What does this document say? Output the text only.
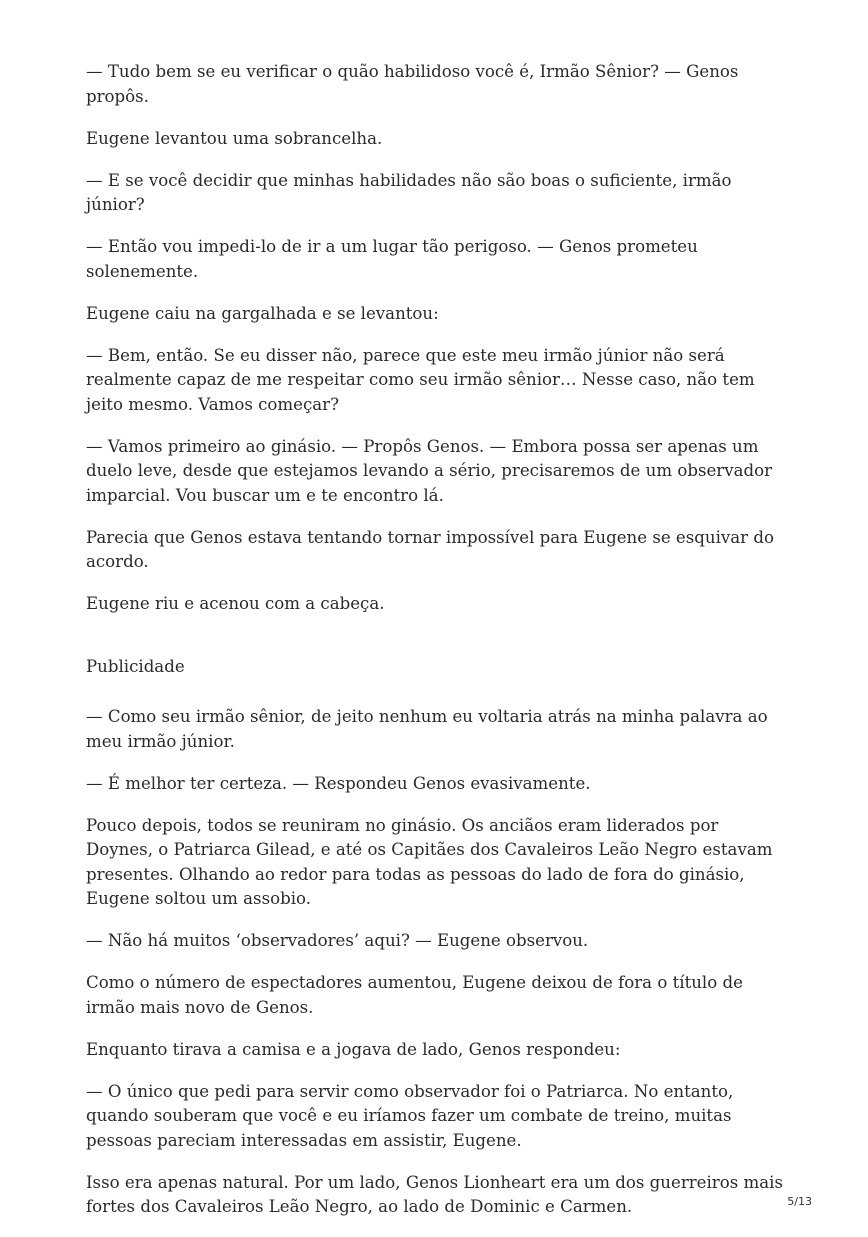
— Tudo bem se eu verificar o quão habilidoso você é, Irmão Sênior? — Genos propôs.

Eugene levantou uma sobrancelha.

— E se você decidir que minhas habilidades não são boas o suficiente, irmão júnior?

— Então vou impedi-lo de ir a um lugar tão perigoso. — Genos prometeu solenemente.

Eugene caiu na gargalhada e se levantou:

— Bem, então. Se eu disser não, parece que este meu irmão júnior não será realmente capaz de me respeitar como seu irmão sênior… Nesse caso, não tem jeito mesmo. Vamos começar?

— Vamos primeiro ao ginásio. — Propôs Genos. — Embora possa ser apenas um duelo leve, desde que estejamos levando a sério, precisaremos de um observador imparcial. Vou buscar um e te encontro lá.

Parecia que Genos estava tentando tornar impossível para Eugene se esquivar do acordo.

Eugene riu e acenou com a cabeça.

Publicidade

— Como seu irmão sênior, de jeito nenhum eu voltaria atrás na minha palavra ao meu irmão júnior.

— É melhor ter certeza. — Respondeu Genos evasivamente.

Pouco depois, todos se reuniram no ginásio. Os anciãos eram liderados por Doynes, o Patriarca Gilead, e até os Capitães dos Cavaleiros Leão Negro estavam presentes. Olhando ao redor para todas as pessoas do lado de fora do ginásio, Eugene soltou um assobio.

— Não há muitos ‘observadores’ aqui? — Eugene observou.

Como o número de espectadores aumentou, Eugene deixou de fora o título de irmão mais novo de Genos.

Enquanto tirava a camisa e a jogava de lado, Genos respondeu:

— O único que pedi para servir como observador foi o Patriarca. No entanto, quando souberam que você e eu iríamos fazer um combate de treino, muitas pessoas pareciam interessadas em assistir, Eugene.

Isso era apenas natural. Por um lado, Genos Lionheart era um dos guerreiros mais fortes dos Cavaleiros Leão Negro, ao lado de Dominic e Carmen.	5/13
